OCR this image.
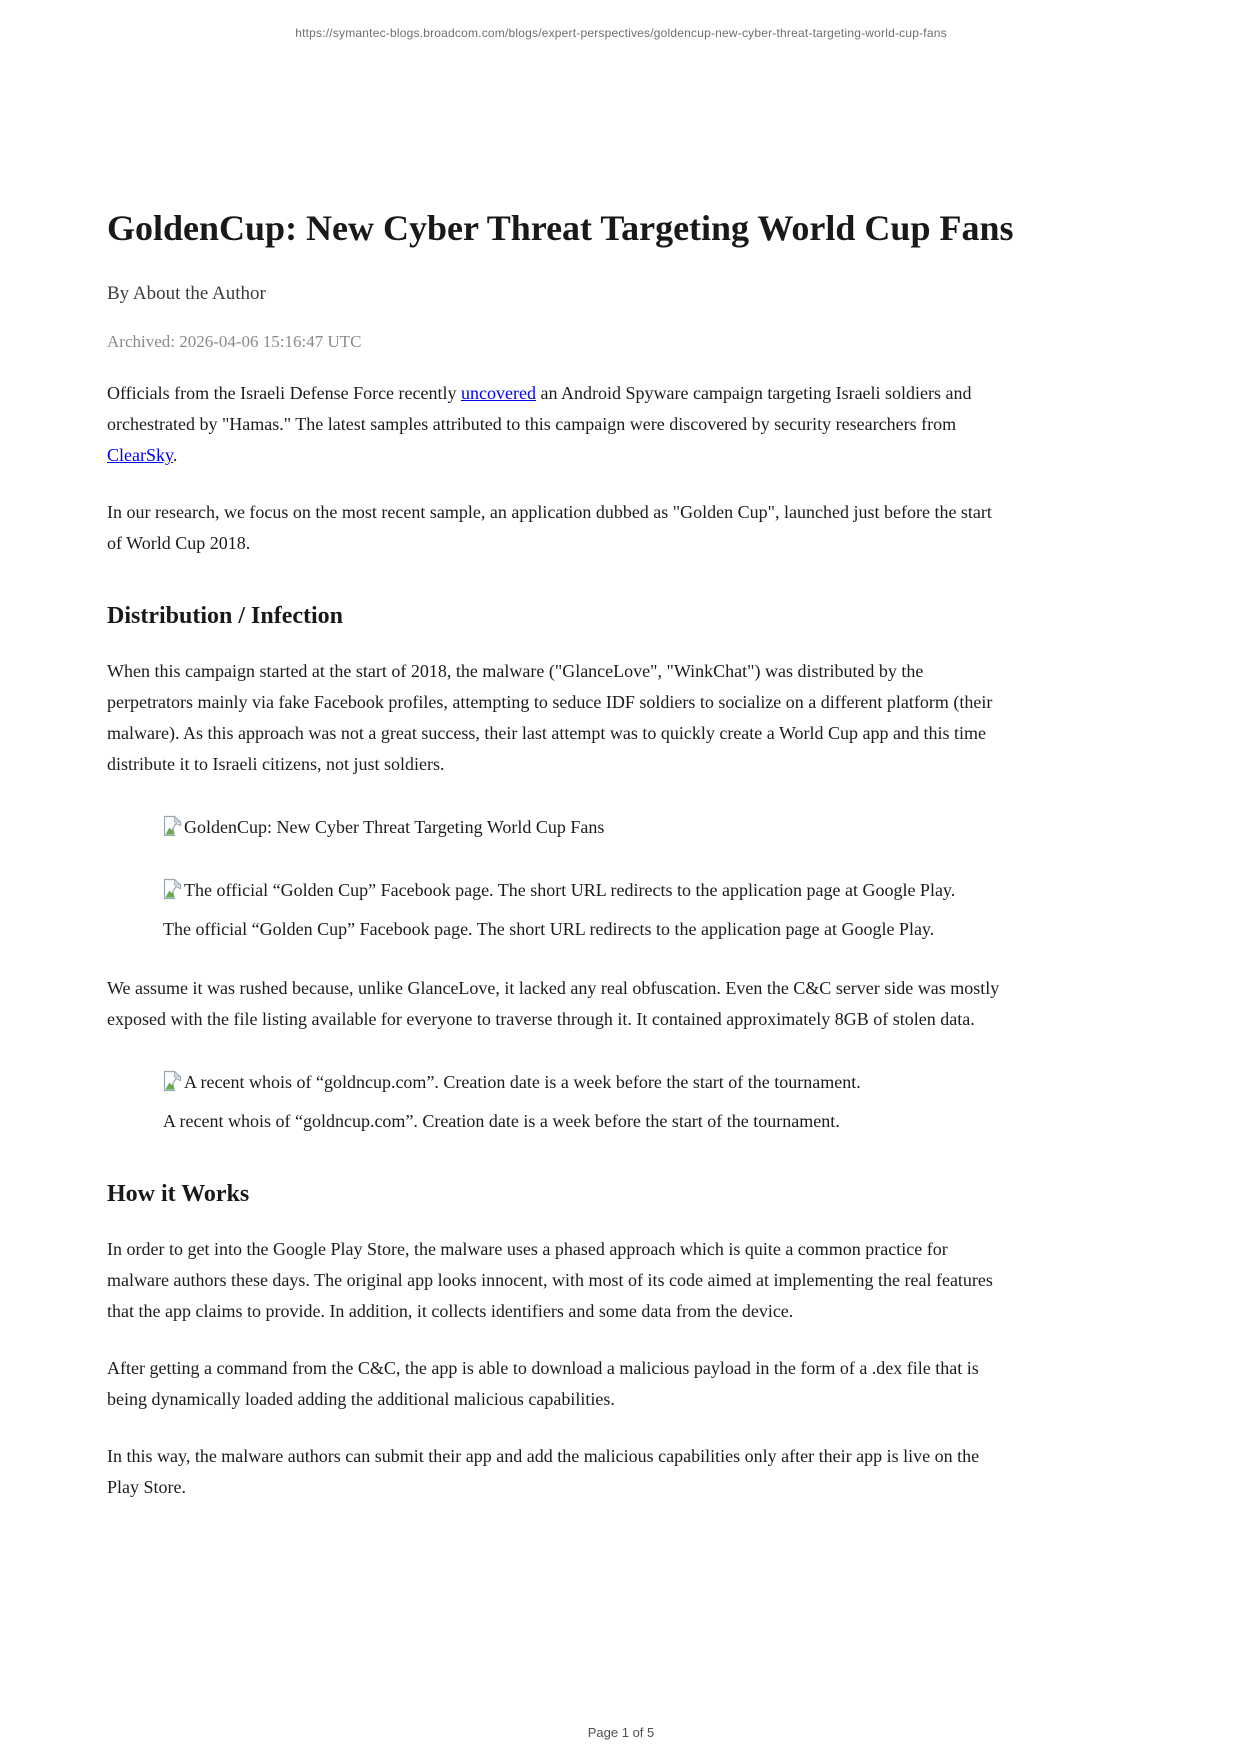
https://symantec-blogs.broadcom.com/blogs/expert-perspectives/goldencup-new-cyber-threat-targeting-world-cup-fans
GoldenCup: New Cyber Threat Targeting World Cup Fans

By About the Author

Archived: 2026-04-06 15:16:47 UTC

Officials from the Israeli Defense Force recently uncovered an Android Spyware campaign targeting Israeli soldiers and orchestrated by "Hamas." The latest samples attributed to this campaign were discovered by security researchers from ClearSky.

In our research, we focus on the most recent sample, an application dubbed as "Golden Cup", launched just before the start of World Cup 2018.

Distribution / Infection

When this campaign started at the start of 2018, the malware ("GlanceLove", "WinkChat") was distributed by the perpetrators mainly via fake Facebook profiles, attempting to seduce IDF soldiers to socialize on a different platform (their malware). As this approach was not a great success, their last attempt was to quickly create a World Cup app and this time distribute it to Israeli citizens, not just soldiers.

GoldenCup: New Cyber Threat Targeting World Cup Fans

The official “Golden Cup” Facebook page. The short URL redirects to the application page at Google Play.

The official “Golden Cup” Facebook page. The short URL redirects to the application page at Google Play.

We assume it was rushed because, unlike GlanceLove, it lacked any real obfuscation. Even the C&C server side was mostly exposed with the file listing available for everyone to traverse through it. It contained approximately 8GB of stolen data.

A recent whois of “goldncup.com”. Creation date is a week before the start of the tournament.

A recent whois of “goldncup.com”. Creation date is a week before the start of the tournament.

How it Works

In order to get into the Google Play Store, the malware uses a phased approach which is quite a common practice for malware authors these days. The original app looks innocent, with most of its code aimed at implementing the real features that the app claims to provide. In addition, it collects identifiers and some data from the device.

After getting a command from the C&C, the app is able to download a malicious payload in the form of a .dex file that is being dynamically loaded adding the additional malicious capabilities.

In this way, the malware authors can submit their app and add the malicious capabilities only after their app is live on the Play Store.

Page 1 of 5
